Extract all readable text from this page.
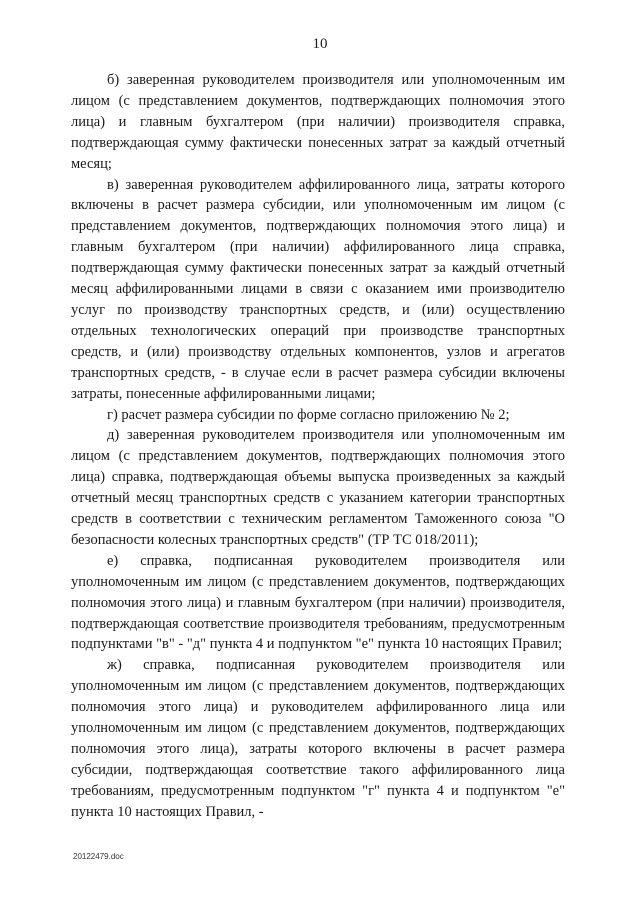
10

б) заверенная руководителем производителя или уполномоченным им лицом (с представлением документов, подтверждающих полномочия этого лица) и главным бухгалтером (при наличии) производителя справка, подтверждающая сумму фактически понесенных затрат за каждый отчетный месяц;

в) заверенная руководителем аффилированного лица, затраты которого включены в расчет размера субсидии, или уполномоченным им лицом (с представлением документов, подтверждающих полномочия этого лица) и главным бухгалтером (при наличии) аффилированного лица справка, подтверждающая сумму фактически понесенных затрат за каждый отчетный месяц аффилированными лицами в связи с оказанием ими производителю услуг по производству транспортных средств, и (или) осуществлению отдельных технологических операций при производстве транспортных средств, и (или) производству отдельных компонентов, узлов и агрегатов транспортных средств, - в случае если в расчет размера субсидии включены затраты, понесенные аффилированными лицами;

г) расчет размера субсидии по форме согласно приложению № 2;

д) заверенная руководителем производителя или уполномоченным им лицом (с представлением документов, подтверждающих полномочия этого лица) справка, подтверждающая объемы выпуска произведенных за каждый отчетный месяц транспортных средств с указанием категории транспортных средств в соответствии с техническим регламентом Таможенного союза "О безопасности колесных транспортных средств" (ТР ТС 018/2011);

е) справка, подписанная руководителем производителя или уполномоченным им лицом (с представлением документов, подтверждающих полномочия этого лица) и главным бухгалтером (при наличии) производителя, подтверждающая соответствие производителя требованиям, предусмотренным подпунктами "в" - "д" пункта 4 и подпунктом "е" пункта 10 настоящих Правил;

ж) справка, подписанная руководителем производителя или уполномоченным им лицом (с представлением документов, подтверждающих полномочия этого лица) и руководителем аффилированного лица или уполномоченным им лицом (с представлением документов, подтверждающих полномочия этого лица), затраты которого включены в расчет размера субсидии, подтверждающая соответствие такого аффилированного лица требованиям, предусмотренным подпунктом "г" пункта 4 и подпунктом "е" пункта 10 настоящих Правил, -

20122479.doc
